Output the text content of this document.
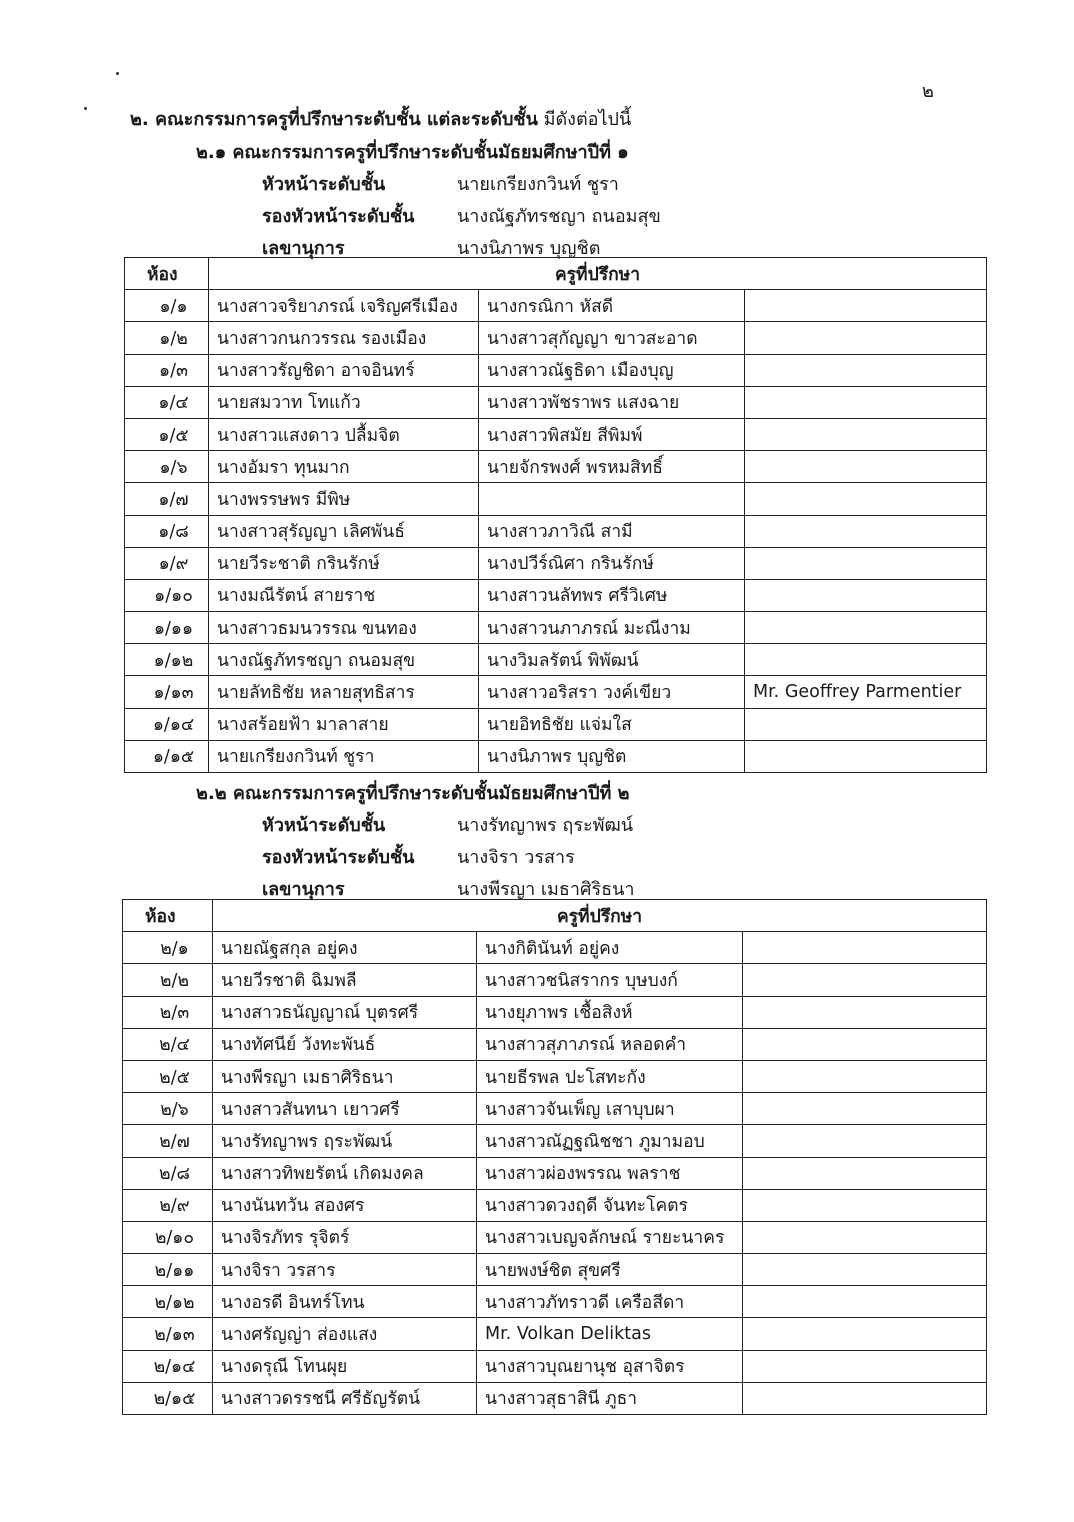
๒
๒. คณะกรรมการครูที่ปรึกษาระดับชั้น แต่ละระดับชั้น มีดังต่อไปนี้
๒.๑ คณะกรรมการครูที่ปรึกษาระดับชั้นมัธยมศึกษาปีที่ ๑
หัวหน้าระดับชั้น	นายเกรียงกวินท์ ชูรา
รองหัวหน้าระดับชั้น นางณัฐภัทรชญา ถนอมสุข
เลขานุการ	นางนิภาพร บุญชิต
ห้อง	ครูที่ปรึกษา		
๑/๑	นางสาวจริยาภรณ์ เจริญศรีเมือง	นางกรณิกา หัสดี	
๑/๒	นางสาวกนกวรรณ รองเมือง	นางสาวสุกัญญา ขาวสะอาด	
๑/๓	นางสาวรัญชิดา อาจอินทร์	นางสาวณัฐธิดา เมืองบุญ	
๑/๔	นายสมวาท โทแก้ว	นางสาวพัชราพร แสงฉาย	
๑/๕	นางสาวแสงดาว ปลื้มจิต	นางสาวพิสมัย สีพิมพ์	
๑/๖	นางอัมรา ทุนมาก	นายจักรพงศ์ พรหมสิทธิ์	
๑/๗	นางพรรษพร มีพิษ		
๑/๘	นางสาวสุรัญญา เลิศพันธ์	นางสาวภาวิณี สามี	
๑/๙	นายวีระชาติ กรินรักษ์	นางปวีร์ณิศา กรินรักษ์	
๑/๑๐	นางมณีรัตน์ สายราช	นางสาวนลัทพร ศรีวิเศษ	
๑/๑๑	นางสาวธมนวรรณ ขนทอง	นางสาวนภาภรณ์ มะณีงาม	
๑/๑๒	นางณัฐภัทรชญา ถนอมสุข	นางวิมลรัตน์ พิพัฒน์	
๑/๑๓	นายลัทธิชัย หลายสุทธิสาร	นางสาวอริสรา วงค์เขียว	Mr. Geoffrey Parmentier
๑/๑๔	นางสร้อยฟ้า มาลาสาย	นายอิทธิชัย แจ่มใส	
๑/๑๕	นายเกรียงกวินท์ ชูรา	นางนิภาพร บุญชิต	
๒.๒ คณะกรรมการครูที่ปรึกษาระดับชั้นมัธยมศึกษาปีที่ ๒
หัวหน้าระดับชั้น	นางรัทญาพร ฤระพัฒน์
รองหัวหน้าระดับชั้น นางจิรา วรสาร
เลขานุการ	นางพีรญา เมธาศิริธนา
ห้อง	ครูที่ปรึกษา		
๒/๑	นายณัฐสกุล อยู่คง	นางกิตินันท์ อยู่คง	
๒/๒	นายวีรชาติ ฉิมพลี	นางสาวชนิสรากร บุษบงก์	
๒/๓	นางสาวธนัญญาณ์ บุตรศรี	นางยุภาพร เชื้อสิงห์	
๒/๔	นางทัศนีย์ วังทะพันธ์	นางสาวสุภาภรณ์ หลอดคำ	
๒/๕	นางพีรญา เมธาศิริธนา	นายธีรพล ปะโสทะกัง	
๒/๖	นางสาวสันทนา เยาวศรี	นางสาวจันเพ็ญ เสาบุบผา	
๒/๗	นางรัทญาพร ฤระพัฒน์	นางสาวณัฏฐณิชชา ภูมามอบ	
๒/๘	นางสาวทิพยรัตน์ เกิดมงคล	นางสาวผ่องพรรณ พลราช	
๒/๙	นางนันทวัน สองศร	นางสาวดวงฤดี จันทะโคตร	
๒/๑๐	นางจิรภัทร รุจิตร์	นางสาวเบญจลักษณ์ รายะนาคร	
๒/๑๑	นางจิรา วรสาร	นายพงษ์ชิต สุขศรี	
๒/๑๒	นางอรดี อินทร์โทน	นางสาวภัทราวดี เครือสีดา	
๒/๑๓	นางศรัญญ่า ส่องแสง	Mr. Volkan Deliktas	
๒/๑๔	นางดรุณี โทนผุย	นางสาวบุณยานุช อุสาจิตร	
๒/๑๕	นางสาวดรรชนี ศรีธัญรัตน์	นางสาวสุธาสินี ภูธา	
